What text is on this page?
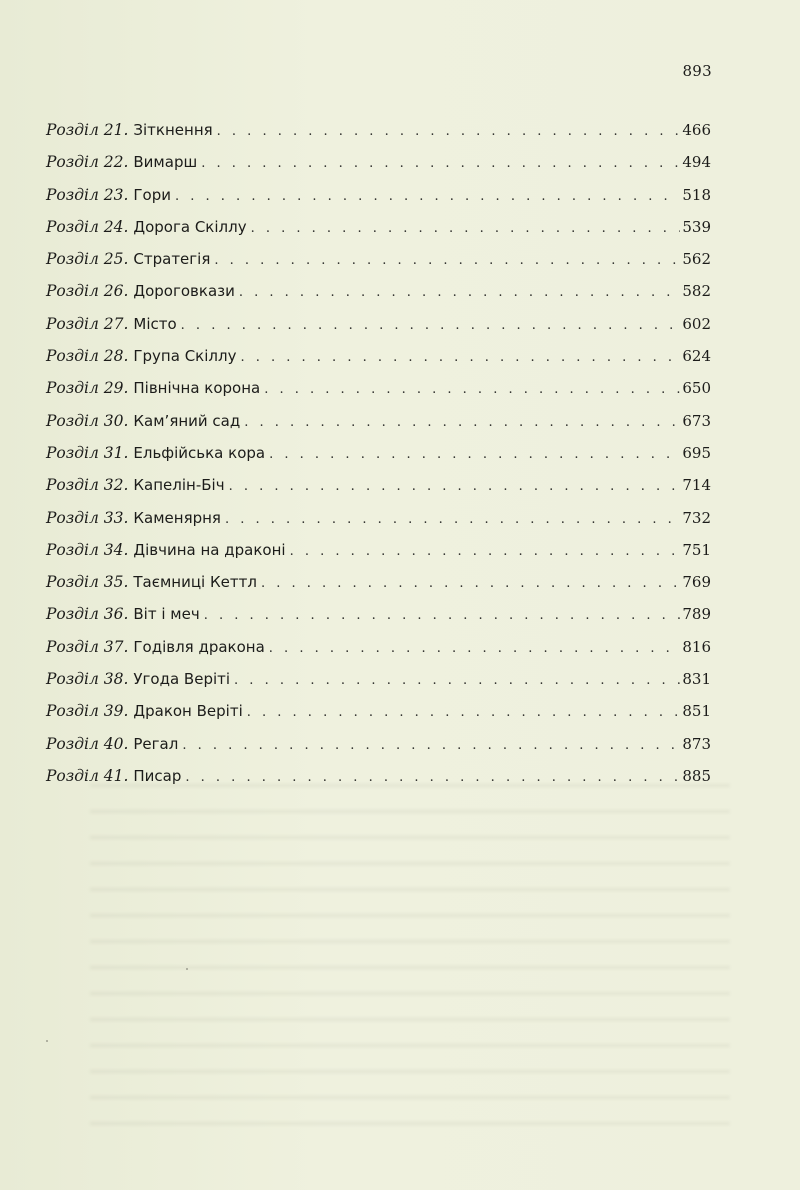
893
Розділ 21. Зіткнення . . .	466
Розділ 22. Вимарш . . .	494
Розділ 23. Гори . . .	518
Розділ 24. Дорога Скіллу . . .	539
Розділ 25. Стратегія . . .	562
Розділ 26. Дороговкази . . .	582
Розділ 27. Місто . . .	602
Розділ 28. Група Скіллу . . .	624
Розділ 29. Північна корона . . .	650
Розділ 30. Кам’яний сад . . .	673
Розділ 31. Ельфійська кора . . .	695
Розділ 32. Капелін-Біч . . .	714
Розділ 33. Каменярня . . .	732
Розділ 34. Дівчина на драконі . . .	751
Розділ 35. Таємниці Кеттл . . .	769
Розділ 36. Віт і меч . . .	789
Розділ 37. Годівля дракона . . .	816
Розділ 38. Угода Веріті . . .	831
Розділ 39. Дракон Веріті . . .	851
Розділ 40. Регал . . .	873
Розділ 41. Писар . . .	885
